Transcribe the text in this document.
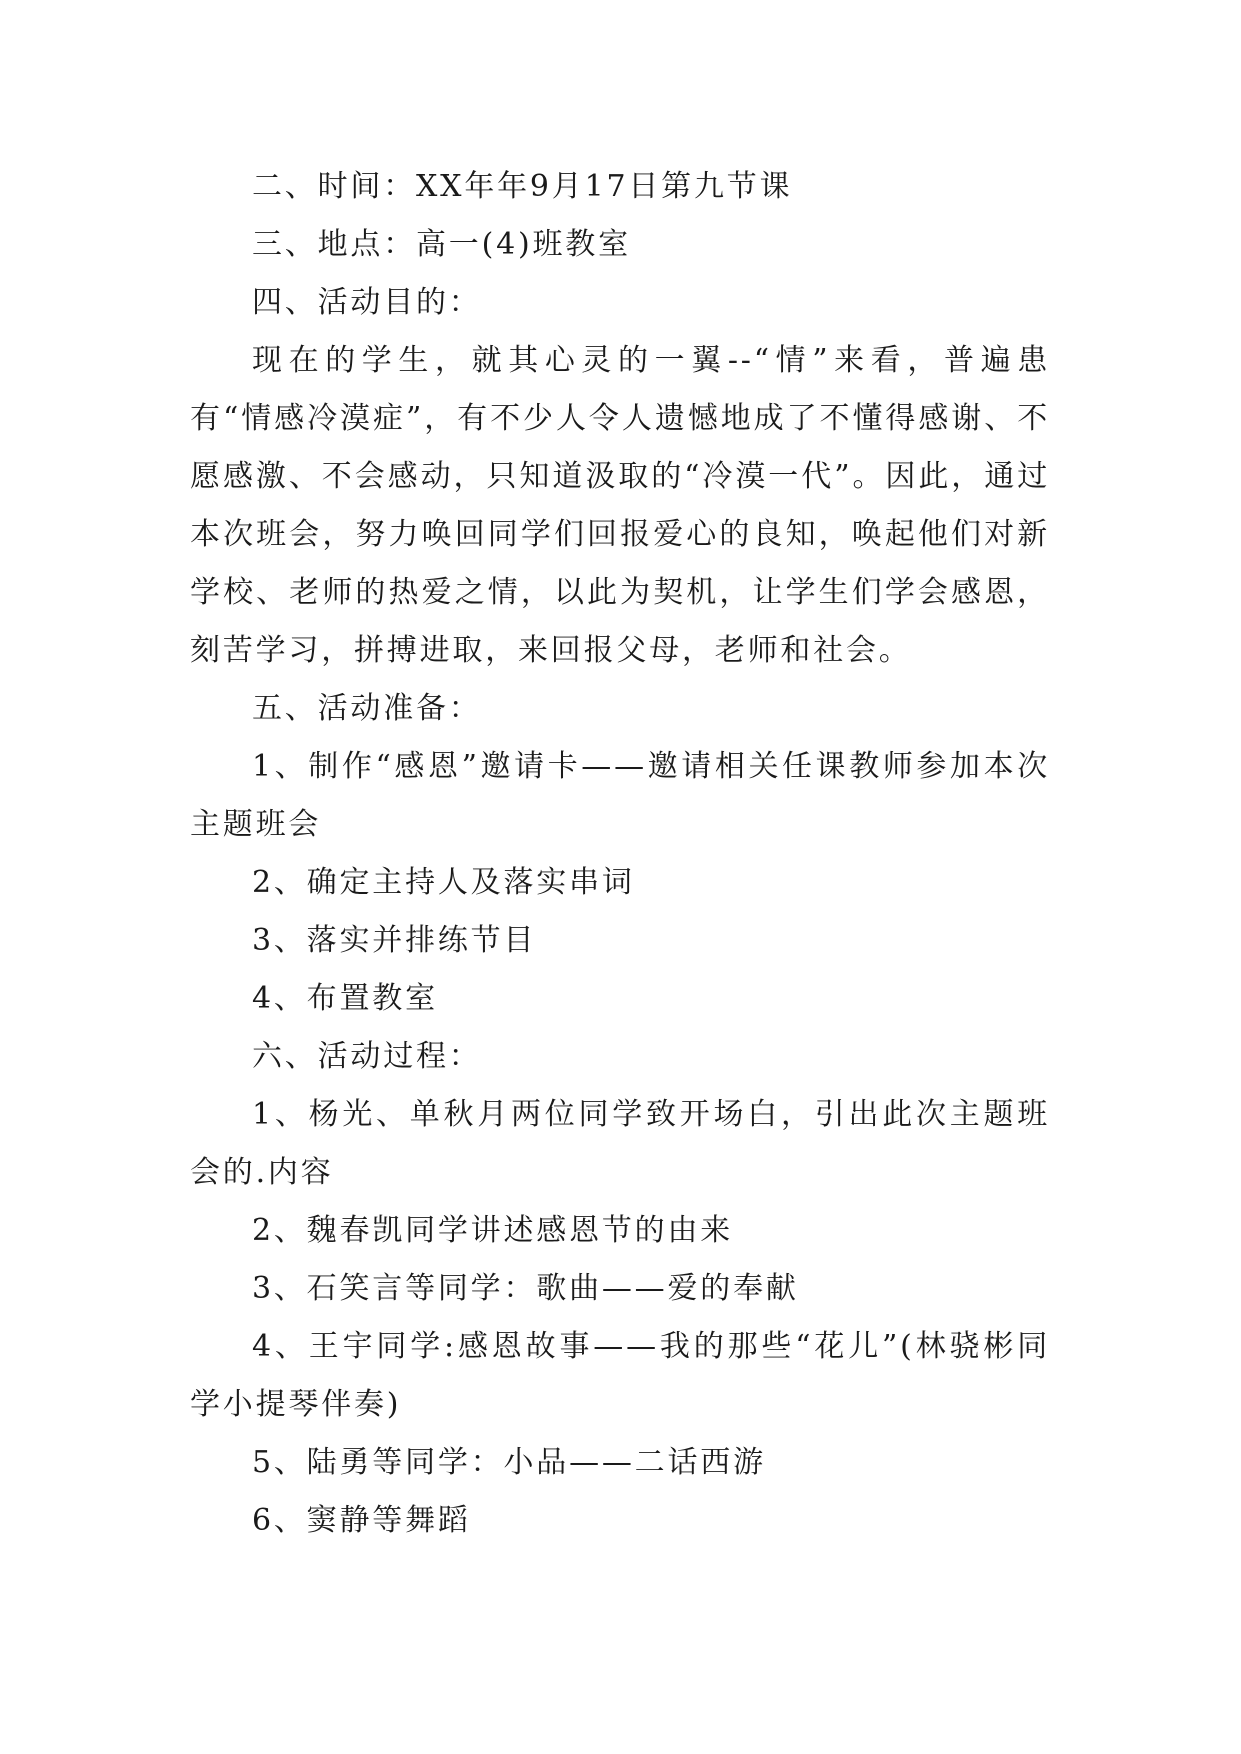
二、时间：XX年年9月17日第九节课

三、地点：高一(4)班教室

四、活动目的：

现在的学生，就其心灵的一翼--“情”来看，普遍患有“情感冷漠症”，有不少人令人遗憾地成了不懂得感谢、不愿感激、不会感动，只知道汲取的“冷漠一代”。因此，通过本次班会，努力唤回同学们回报爱心的良知，唤起他们对新学校、老师的热爱之情，以此为契机，让学生们学会感恩，刻苦学习，拼搏进取，来回报父母，老师和社会。

五、活动准备：

1、制作“感恩”邀请卡——邀请相关任课教师参加本次主题班会

2、确定主持人及落实串词

3、落实并排练节目

4、布置教室

六、活动过程：

1、杨光、单秋月两位同学致开场白，引出此次主题班会的.内容

2、魏春凯同学讲述感恩节的由来

3、石笑言等同学：歌曲——爱的奉献

4、王宇同学:感恩故事——我的那些“花儿”(林骁彬同学小提琴伴奏)

5、陆勇等同学：小品——二话西游

6、窦静等舞蹈
